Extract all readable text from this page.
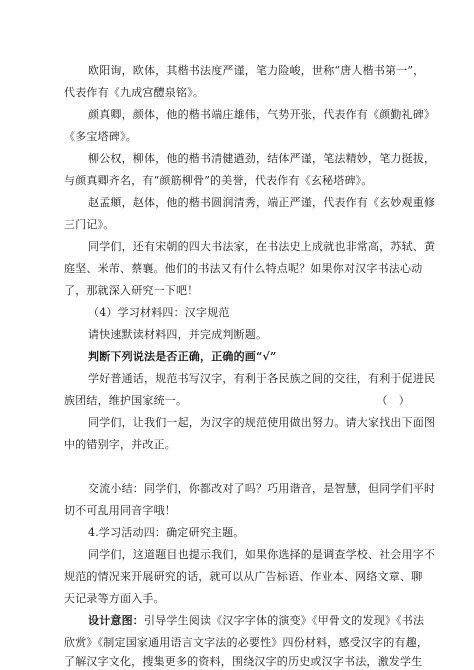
欧阳询，欧体，其楷书法度严谨，笔力险峻，世称“唐人楷书第一”，
代表作有《九成宫醴泉铭》。
颜真卿，颜体，他的楷书端庄雄伟，气势开张，代表作有《颜勤礼碑》
《多宝塔碑》。
柳公权，柳体，他的楷书清健遒劲，结体严谨，笔法精妙，笔力挺拔，
与颜真卿齐名，有“颜筋柳骨”的美誉，代表作有《玄秘塔碑》。
赵孟頫，赵体，他的楷书圆润清秀，端正严谨，代表作有《玄妙观重修
三门记》。
同学们，还有宋朝的四大书法家，在书法史上成就也非常高，苏轼、黄
庭坚、米芾、蔡襄。他们的书法又有什么特点呢？如果你对汉字书法心动
了，那就深入研究一下吧！
（4）学习材料四：汉字规范
请快速默读材料四，并完成判断题。
判断下列说法是否正确，正确的画“√”
学好普通话，规范书写汉字，有利于各民族之间的交往，有利于促进民
族团结，维护国家统一。	（　）
同学们，让我们一起，为汉字的规范使用做出努力。请大家找出下面图
中的错别字，并改正。
交流小结：同学们，你都改对了吗？巧用谐音，是智慧，但同学们平时
切不可乱用同音字哦！
4.学习活动四：确定研究主题。
同学们，这道题目也提示我们，如果你选择的是调查学校、社会用字不
规范的情况来开展研究的话，就可以从广告标语、作业本、网络文章、聊
天记录等方面入手。
设计意图：引导学生阅读《汉字字体的演变》《甲骨文的发现》《书法
欣赏》《制定国家通用语言文字法的必要性》四份材料，感受汉字的有趣，
了解汉字文化，搜集更多的资料，围绕汉字的历史或汉字书法，激发学生
